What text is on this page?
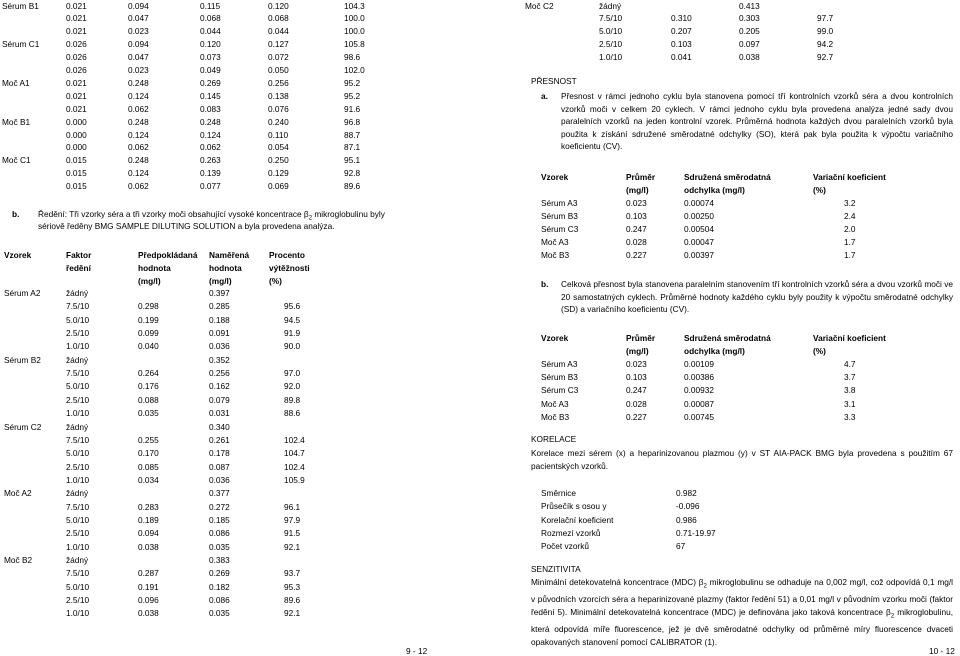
Sérum B1	0.021	0.094	0.115	0.120	104.3
0.021	0.047	0.068	0.068	100.0
0.021	0.023	0.044	0.044	100.0
Sérum C1	0.026	0.094	0.120	0.127	105.8
0.026	0.047	0.073	0.072	98.6
0.026	0.023	0.049	0.050	102.0
Moč A1	0.021	0.248	0.269	0.256	95.2
0.021	0.124	0.145	0.138	95.2
0.021	0.062	0.083	0.076	91.6
Moč B1	0.000	0.248	0.248	0.240	96.8
0.000	0.124	0.124	0.110	88.7
0.000	0.062	0.062	0.054	87.1
Moč C1	0.015	0.248	0.263	0.250	95.1
0.015	0.124	0.139	0.129	92.8
0.015	0.062	0.077	0.069	89.6
b. Ředění: Tři vzorky séra a tři vzorky moči obsahující vysoké koncentrace $\beta_2$ mikroglobulinu byly
sériově ředěny BMG SAMPLE DILUTING SOLUTION a byla provedena analýza.
Vzorek	Faktor	Předpokládaná Naměřená Procento
ředění	hodnota	hodnota	výtěžnosti
(mg/l)	(mg/l)	(%)
Sérum A2	žádný	0.397
7.5/10	0.298	0.285	95.6
5.0/10	0.199	0.188	94.5
2.5/10	0.099	0.091	91.9
1.0/10	0.040	0.036	90.0
Sérum B2	žádný	0.352
7.5/10	0.264	0.256	97.0
5.0/10	0.176	0.162	92.0
2.5/10	0.088	0.079	89.8
1.0/10	0.035	0.031	88.6
Sérum C2	žádný	0.340
7.5/10	0.255	0.261	102.4
5.0/10	0.170	0.178	104.7
2.5/10	0.085	0.087	102.4
1.0/10	0.034	0.036	105.9
Moč A2	žádný	0.377
7.5/10	0.283	0.272	96.1
5.0/10	0.189	0.185	97.9
2.5/10	0.094	0.086	91.5
1.0/10	0.038	0.035	92.1
Moč B2	žádný	0.383
7.5/10	0.287	0.269	93.7
5.0/10	0.191	0.182	95.3
2.5/10	0.096	0.086	89.6
1.0/10	0.038	0.035	92.1
9 - 12
Moč C2	žádný	0.413
7.5/10	0.310	0.303	97.7
5.0/10	0.207	0.205	99.0
2.5/10	0.103	0.097	94.2
1.0/10	0.041	0.038	92.7
PŘESNOST
a. Přesnost v rámci jednoho cyklu byla stanovena pomocí tří kontrolních vzorků séra a dvou kontrolních vzorků moči v celkem 20 cyklech. V rámci jednoho cyklu byla provedena analýza jedné sady dvou paralelních vzorků na jeden kontrolní vzorek. Průměrná hodnota každých dvou paralelních vzorků byla použita k získání sdružené směrodatné odchylky (SO), která pak byla použita k výpočtu variačního koeficientu (CV).
Vzorek	Průměr	Sdružená směrodatná	Variační koeficient
(mg/l)	odchylka (mg/l)	(%)
Sérum A3	0.023	0.00074	3.2
Sérum B3	0.103	0.00250	2.4
Sérum C3	0.247	0.00504	2.0
Moč A3	0.028	0.00047	1.7
Moč B3	0.227	0.00397	1.7
b. Celková přesnost byla stanovena paralelním stanovením tří kontrolních vzorků séra a dvou vzorků moči ve 20 samostatných cyklech. Průměrné hodnoty každého cyklu byly použity k výpočtu směrodatné odchylky (SD) a variačního koeficientu (CV).
Vzorek	Průměr	Sdružená směrodatná	Variační koeficient
(mg/l)	odchylka (mg/l)	(%)
Sérum A3	0.023	0.00109	4.7
Sérum B3	0.103	0.00386	3.7
Sérum C3	0.247	0.00932	3.8
Moč A3	0.028	0.00087	3.1
Moč B3	0.227	0.00745	3.3
KORELACE
Korelace mezi sérem (x) a heparinizovanou plazmou (y) v ST AIA-PACK BMG byla provedena s použitím 67 pacientských vzorků.
Směrnice	0.982
Průsečík s osou y	-0.096
Korelační koeficient	0.986
Rozmezí vzorků	0.71-19.97
Počet vzorků	67
SENZITIVITA
Minimální detekovatelná koncentrace (MDC) $\beta_2$ mikroglobulinu se odhaduje na 0,002 mg/l, což odpovídá 0,1 mg/l v původních vzorcích séra a heparinizované plazmy (faktor ředění 51) a 0,01 mg/l v původním vzorku moči (faktor ředění 5). Minimální detekovatelná koncentrace (MDC) je definována jako taková koncentrace $\beta_2$ mikroglobulinu, která odpovídá míře fluorescence, jež je dvě směrodatné odchylky od průměrné míry fluorescence dvaceti opakovaných stanovení pomocí CALIBRATOR (1).
10 - 12
